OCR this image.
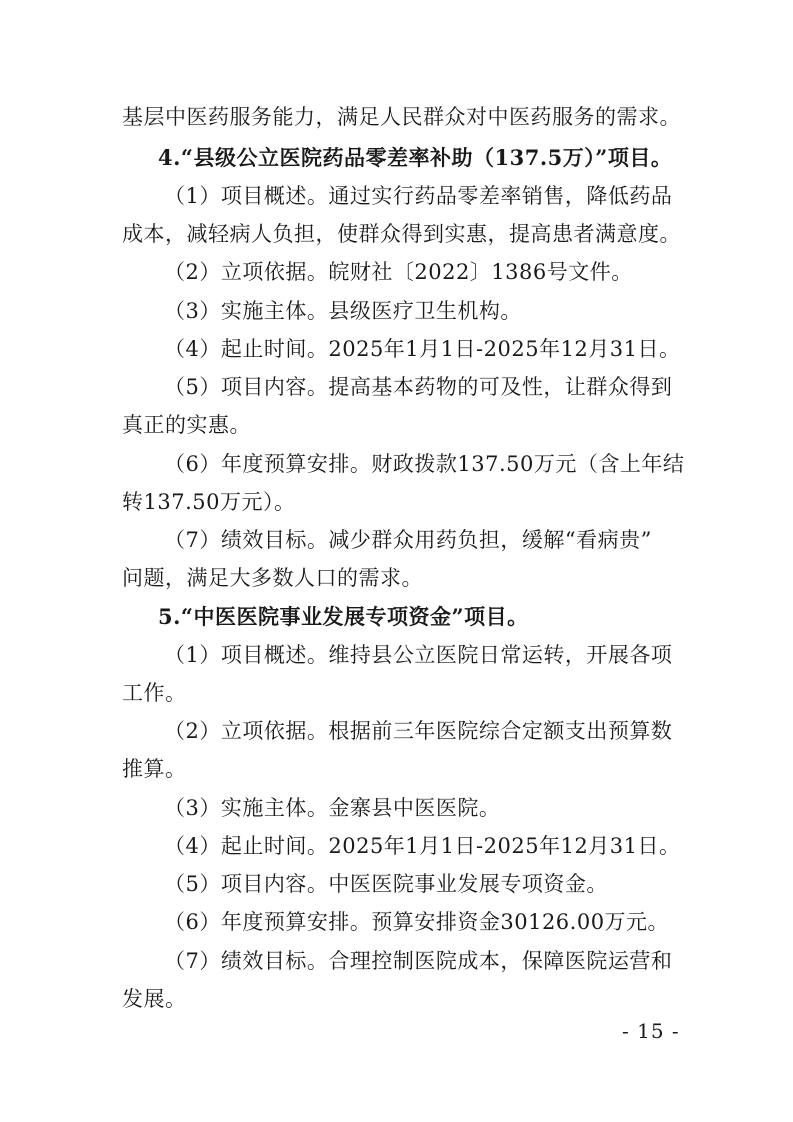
基层中医药服务能力，满足人民群众对中医药服务的需求。
4.“县级公立医院药品零差率补助（137.5万）”项目。
（1）项目概述。通过实行药品零差率销售，降低药品
成本，减轻病人负担，使群众得到实惠，提高患者满意度。
（2）立项依据。皖财社〔2022〕1386号文件。
（3）实施主体。县级医疗卫生机构。
（4）起止时间。2025年1月1日-2025年12月31日。
（5）项目内容。提高基本药物的可及性，让群众得到
真正的实惠。
（6）年度预算安排。财政拨款137.50万元（含上年结
转137.50万元）。
（7）绩效目标。减少群众用药负担，缓解“看病贵”
问题，满足大多数人口的需求。
5.“中医医院事业发展专项资金”项目。
（1）项目概述。维持县公立医院日常运转，开展各项
工作。
（2）立项依据。根据前三年医院综合定额支出预算数
推算。
（3）实施主体。金寨县中医医院。
（4）起止时间。2025年1月1日-2025年12月31日。
（5）项目内容。中医医院事业发展专项资金。
（6）年度预算安排。预算安排资金30126.00万元。
（7）绩效目标。合理控制医院成本，保障医院运营和
发展。
- 15 -
